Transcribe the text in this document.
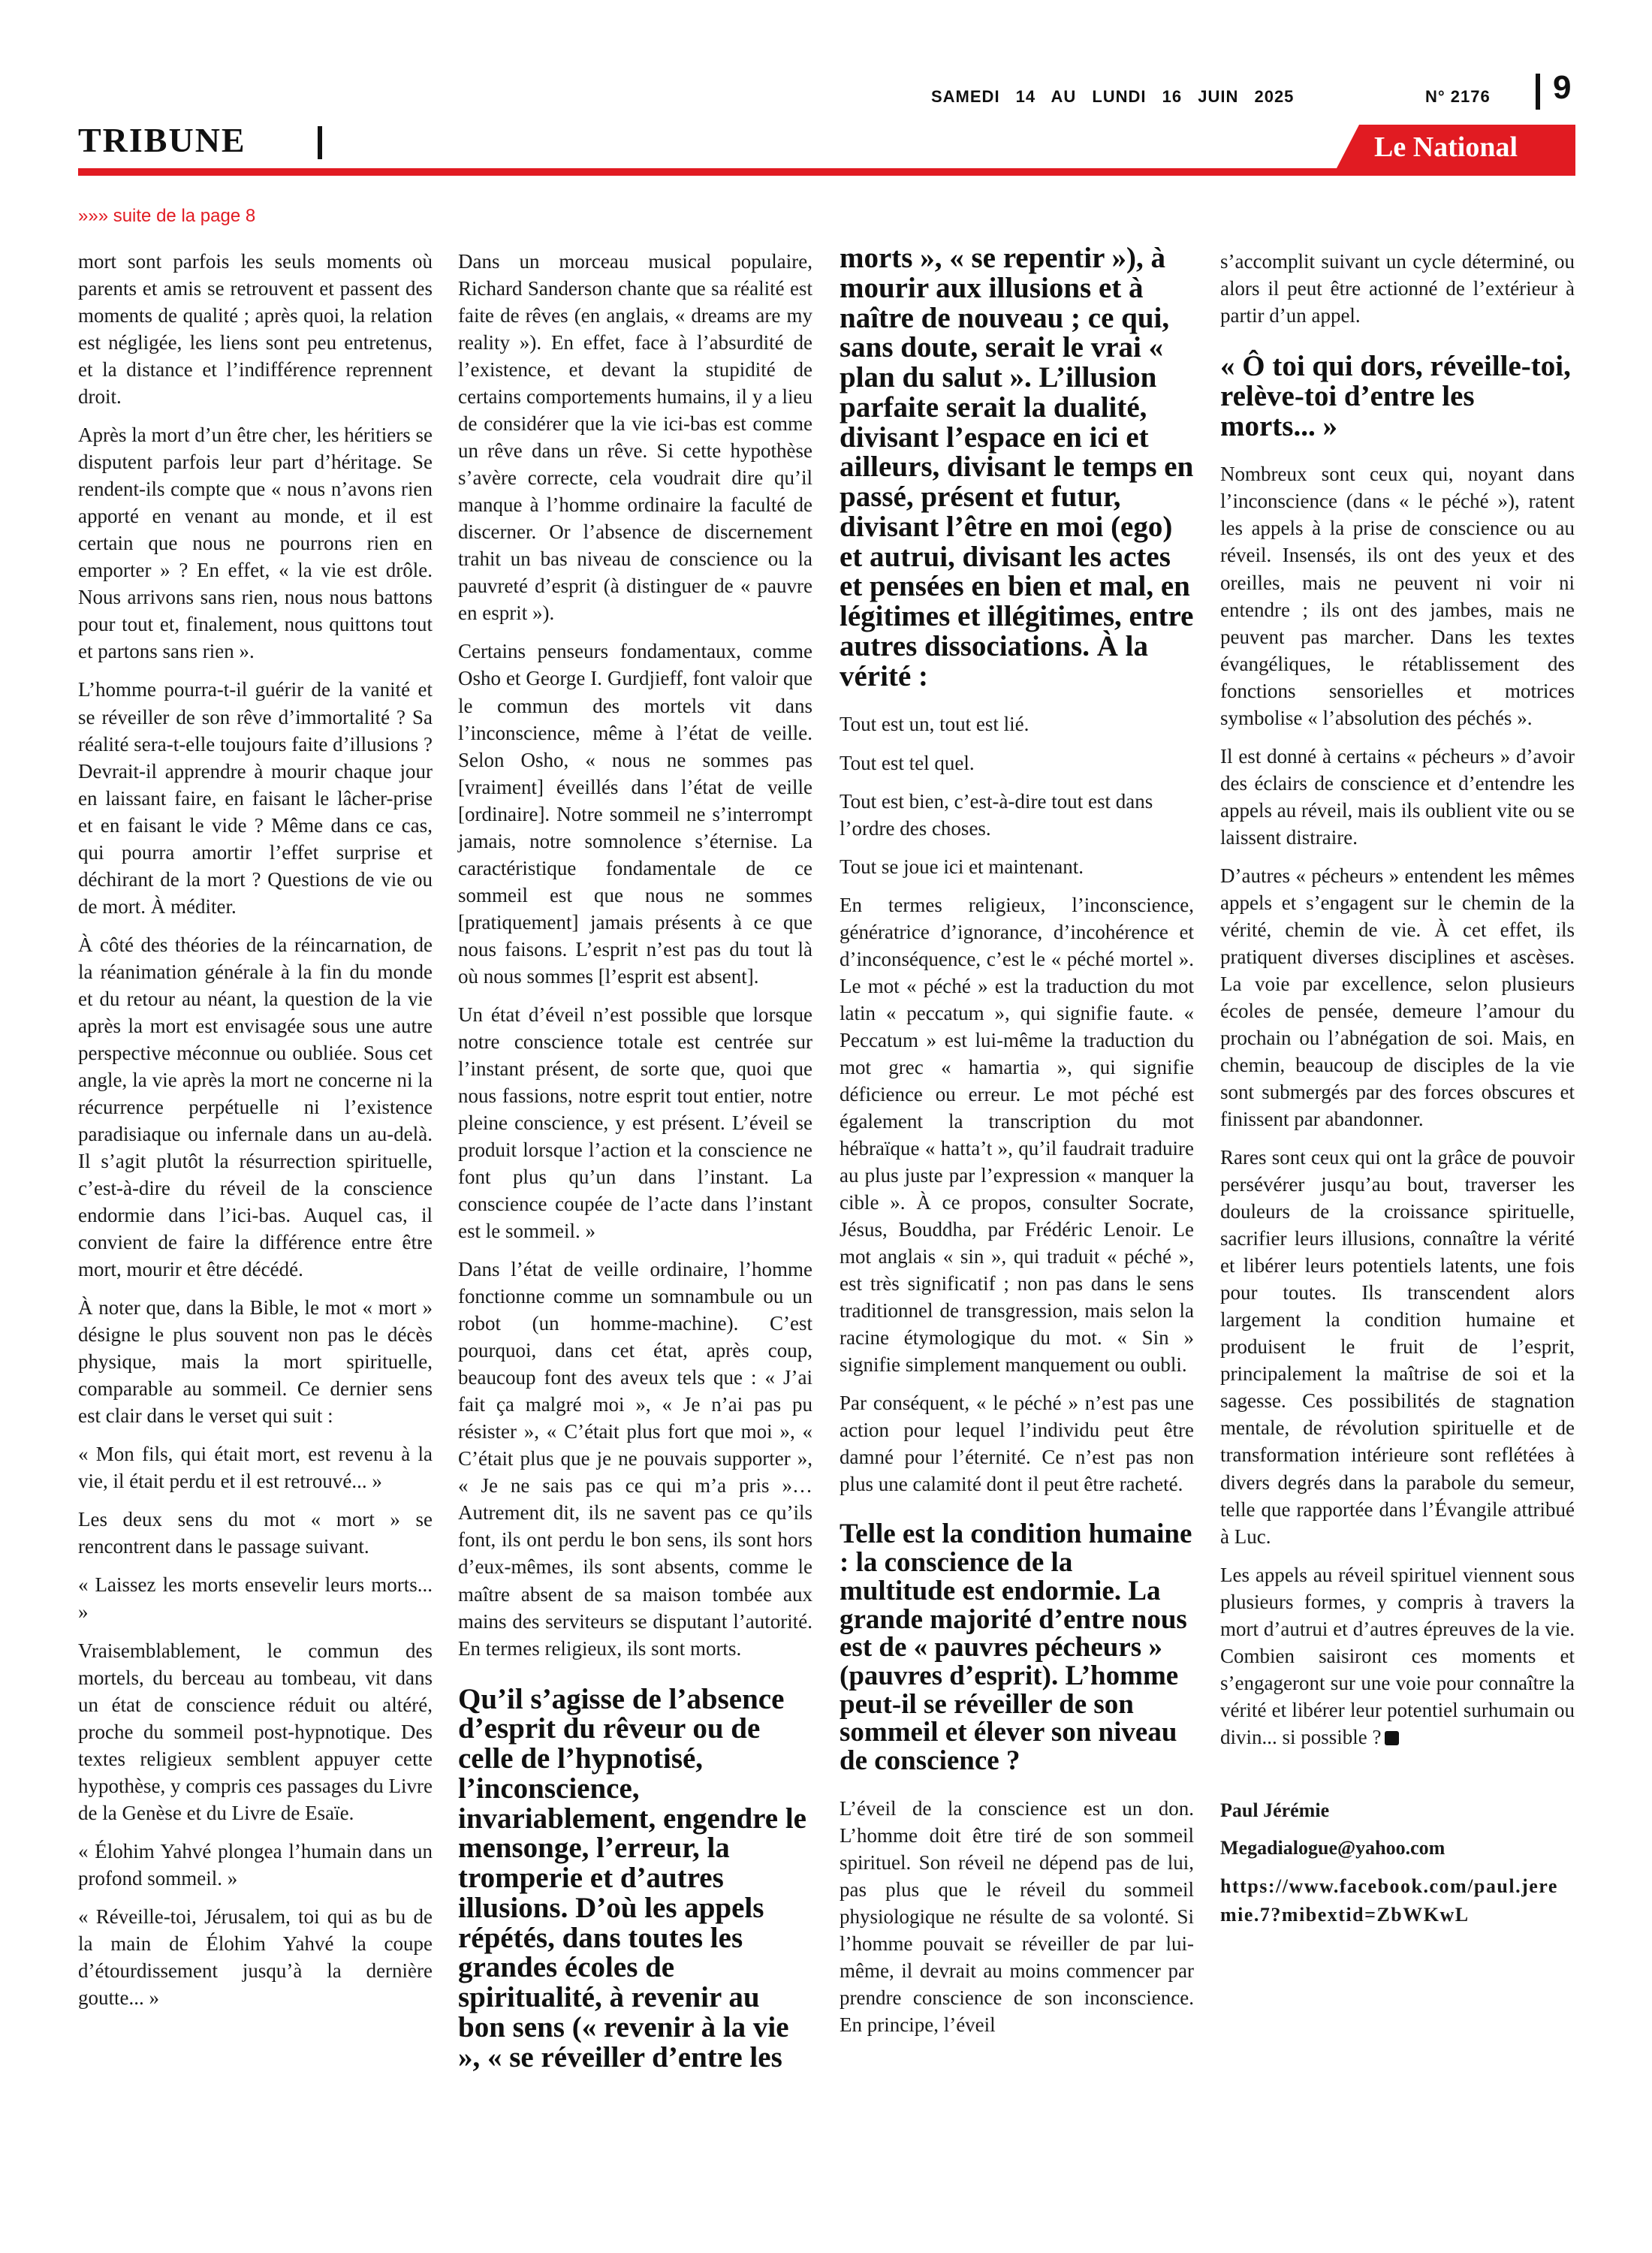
SAMEDI 14 AU LUNDI 16 JUIN 2025	N° 2176 9
TRIBUNE	Le National
»»» suite de la page 8

mort sont parfois les seuls moments où parents et amis se retrouvent et passent des moments de qualité ; après quoi, la relation est négligée, les liens sont peu entretenus, et la distance et l’indifférence reprennent droit.

Après la mort d’un être cher, les héritiers se disputent parfois leur part d’héritage. Se rendent-ils compte que « nous n’avons rien apporté en venant au monde, et il est certain que nous ne pourrons rien en emporter » ? En effet, « la vie est drôle. Nous arrivons sans rien, nous nous battons pour tout et, finalement, nous quittons tout et partons sans rien ».

L’homme pourra-t-il guérir de la vanité et se réveiller de son rêve d’immortalité ? Sa réalité sera-t-elle toujours faite d’illusions ? Devrait-il apprendre à mourir chaque jour en laissant faire, en faisant le lâcher-prise et en faisant le vide ? Même dans ce cas, qui pourra amortir l’effet surprise et déchirant de la mort ? Questions de vie ou de mort. À méditer.

À côté des théories de la réincarnation, de la réanimation générale à la fin du monde et du retour au néant, la question de la vie après la mort est envisagée sous une autre perspective méconnue ou oubliée. Sous cet angle, la vie après la mort ne concerne ni la récurrence perpétuelle ni l’existence paradisiaque ou infernale dans un au-delà. Il s’agit plutôt la résurrection spirituelle, c’est-à-dire du réveil de la conscience endormie dans l’ici-bas. Auquel cas, il convient de faire la différence entre être mort, mourir et être décédé.

À noter que, dans la Bible, le mot « mort » désigne le plus souvent non pas le décès physique, mais la mort spirituelle, comparable au sommeil. Ce dernier sens est clair dans le verset qui suit :

« Mon fils, qui était mort, est revenu à la vie, il était perdu et il est retrouvé... »

Les deux sens du mot « mort » se rencontrent dans le passage suivant.

« Laissez les morts ensevelir leurs morts... »

Vraisemblablement, le commun des mortels, du berceau au tombeau, vit dans un état de conscience réduit ou altéré, proche du sommeil post-hypnotique. Des textes religieux semblent appuyer cette hypothèse, y compris ces passages du Livre de la Genèse et du Livre de Esaïe.

« Élohim Yahvé plongea l’humain dans un profond sommeil. »

« Réveille-toi, Jérusalem, toi qui as bu de la main de Élohim Yahvé la coupe d’étourdissement jusqu’à la dernière goutte... »

Dans un morceau musical populaire, Richard Sanderson chante que sa réalité est faite de rêves (en anglais, « dreams are my reality »). En effet, face à l’absurdité de l’existence, et devant la stupidité de certains comportements humains, il y a lieu de considérer que la vie ici-bas est comme un rêve dans un rêve. Si cette hypothèse s’avère correcte, cela voudrait dire qu’il manque à l’homme ordinaire la faculté de discerner. Or l’absence de discernement trahit un bas niveau de conscience ou la pauvreté d’esprit (à distinguer de « pauvre en esprit »).

Certains penseurs fondamentaux, comme Osho et George I. Gurdjieff, font valoir que le commun des mortels vit dans l’inconscience, même à l’état de veille. Selon Osho, « nous ne sommes pas [vraiment] éveillés dans l’état de veille [ordinaire]. Notre sommeil ne s’interrompt jamais, notre somnolence s’éternise. La caractéristique fondamentale de ce sommeil est que nous ne sommes [pratiquement] jamais présents à ce que nous faisons. L’esprit n’est pas du tout là où nous sommes [l’esprit est absent].

Un état d’éveil n’est possible que lorsque notre conscience totale est centrée sur l’instant présent, de sorte que, quoi que nous fassions, notre esprit tout entier, notre pleine conscience, y est présent. L’éveil se produit lorsque l’action et la conscience ne font plus qu’un dans l’instant. La conscience coupée de l’acte dans l’instant est le sommeil. »

Dans l’état de veille ordinaire, l’homme fonctionne comme un somnambule ou un robot (un homme-machine). C’est pourquoi, dans cet état, après coup, beaucoup font des aveux tels que : « J’ai fait ça malgré moi », « Je n’ai pas pu résister », « C’était plus fort que moi », « C’était plus que je ne pouvais supporter », « Je ne sais pas ce qui m’a pris »… Autrement dit, ils ne savent pas ce qu’ils font, ils ont perdu le bon sens, ils sont hors d’eux-mêmes, ils sont absents, comme le maître absent de sa maison tombée aux mains des serviteurs se disputant l’autorité. En termes religieux, ils sont morts.

Qu’il s’agisse de l’absence d’esprit du rêveur ou de celle de l’hypnotisé, l’inconscience, invariablement, engendre le mensonge, l’erreur, la tromperie et d’autres illusions. D’où les appels répétés, dans toutes les grandes écoles de spiritualité, à revenir au bon sens (« revenir à la vie », « se réveiller d’entre les
morts », « se repentir »), à mourir aux illusions et à naître de nouveau ; ce qui, sans doute, serait le vrai « plan du salut ». L’illusion parfaite serait la dualité, divisant l’espace en ici et ailleurs, divisant le temps en passé, présent et futur, divisant l’être en moi (ego) et autrui, divisant les actes et pensées en bien et mal, en légitimes et illégitimes, entre autres dissociations. À la vérité :

Tout est un, tout est lié.

Tout est tel quel.

Tout est bien, c’est-à-dire tout est dans l’ordre des choses.

Tout se joue ici et maintenant.

En termes religieux, l’inconscience, génératrice d’ignorance, d’incohérence et d’inconséquence, c’est le « péché mortel ». Le mot « péché » est la traduction du mot latin « peccatum », qui signifie faute. « Peccatum » est lui-même la traduction du mot grec « hamartia », qui signifie déficience ou erreur. Le mot péché est également la transcription du mot hébraïque « hatta’t », qu’il faudrait traduire au plus juste par l’expression « manquer la cible ». À ce propos, consulter Socrate, Jésus, Bouddha, par Frédéric Lenoir. Le mot anglais « sin », qui traduit « péché », est très significatif ; non pas dans le sens traditionnel de transgression, mais selon la racine étymologique du mot. « Sin » signifie simplement manquement ou oubli.

Par conséquent, « le péché » n’est pas une action pour lequel l’individu peut être damné pour l’éternité. Ce n’est pas non plus une calamité dont il peut être racheté.

Telle est la condition humaine : la conscience de la multitude est endormie. La grande majorité d’entre nous est de « pauvres pécheurs » (pauvres d’esprit). L’homme peut-il se réveiller de son sommeil et élever son niveau de conscience ?

L’éveil de la conscience est un don. L’homme doit être tiré de son sommeil spirituel. Son réveil ne dépend pas de lui, pas plus que le réveil du sommeil physiologique ne résulte de sa volonté. Si l’homme pouvait se réveiller de par lui-même, il devrait au moins commencer par prendre conscience de son inconscience. En principe, l’éveil

s’accomplit suivant un cycle déterminé, ou alors il peut être actionné de l’extérieur à partir d’un appel.

« Ô toi qui dors, réveille-toi, relève-toi d’entre les morts... »

Nombreux sont ceux qui, noyant dans l’inconscience (dans « le péché »), ratent les appels à la prise de conscience ou au réveil. Insensés, ils ont des yeux et des oreilles, mais ne peuvent ni voir ni entendre ; ils ont des jambes, mais ne peuvent pas marcher. Dans les textes évangéliques, le rétablissement des fonctions sensorielles et motrices symbolise « l’absolution des péchés ».

Il est donné à certains « pécheurs » d’avoir des éclairs de conscience et d’entendre les appels au réveil, mais ils oublient vite ou se laissent distraire.

D’autres « pécheurs » entendent les mêmes appels et s’engagent sur le chemin de la vérité, chemin de vie. À cet effet, ils pratiquent diverses disciplines et ascèses. La voie par excellence, selon plusieurs écoles de pensée, demeure l’amour du prochain ou l’abnégation de soi. Mais, en chemin, beaucoup de disciples de la vie sont submergés par des forces obscures et finissent par abandonner.

Rares sont ceux qui ont la grâce de pouvoir persévérer jusqu’au bout, traverser les douleurs de la croissance spirituelle, sacrifier leurs illusions, connaître la vérité et libérer leurs potentiels latents, une fois pour toutes. Ils transcendent alors largement la condition humaine et produisent le fruit de l’esprit, principalement la maîtrise de soi et la sagesse. Ces possibilités de stagnation mentale, de révolution spirituelle et de transformation intérieure sont reflétées à divers degrés dans la parabole du semeur, telle que rapportée dans l’Évangile attribué à Luc.

Les appels au réveil spirituel viennent sous plusieurs formes, y compris à travers la mort d’autrui et d’autres épreuves de la vie. Combien saisiront ces moments et s’engageront sur une voie pour connaître la vérité et libérer leur potentiel surhumain ou divin... si possible ?

Paul Jérémie

Megadialogue@yahoo.com

https://www.facebook.com/paul.jeremie.7?mibextid=ZbWKwL
